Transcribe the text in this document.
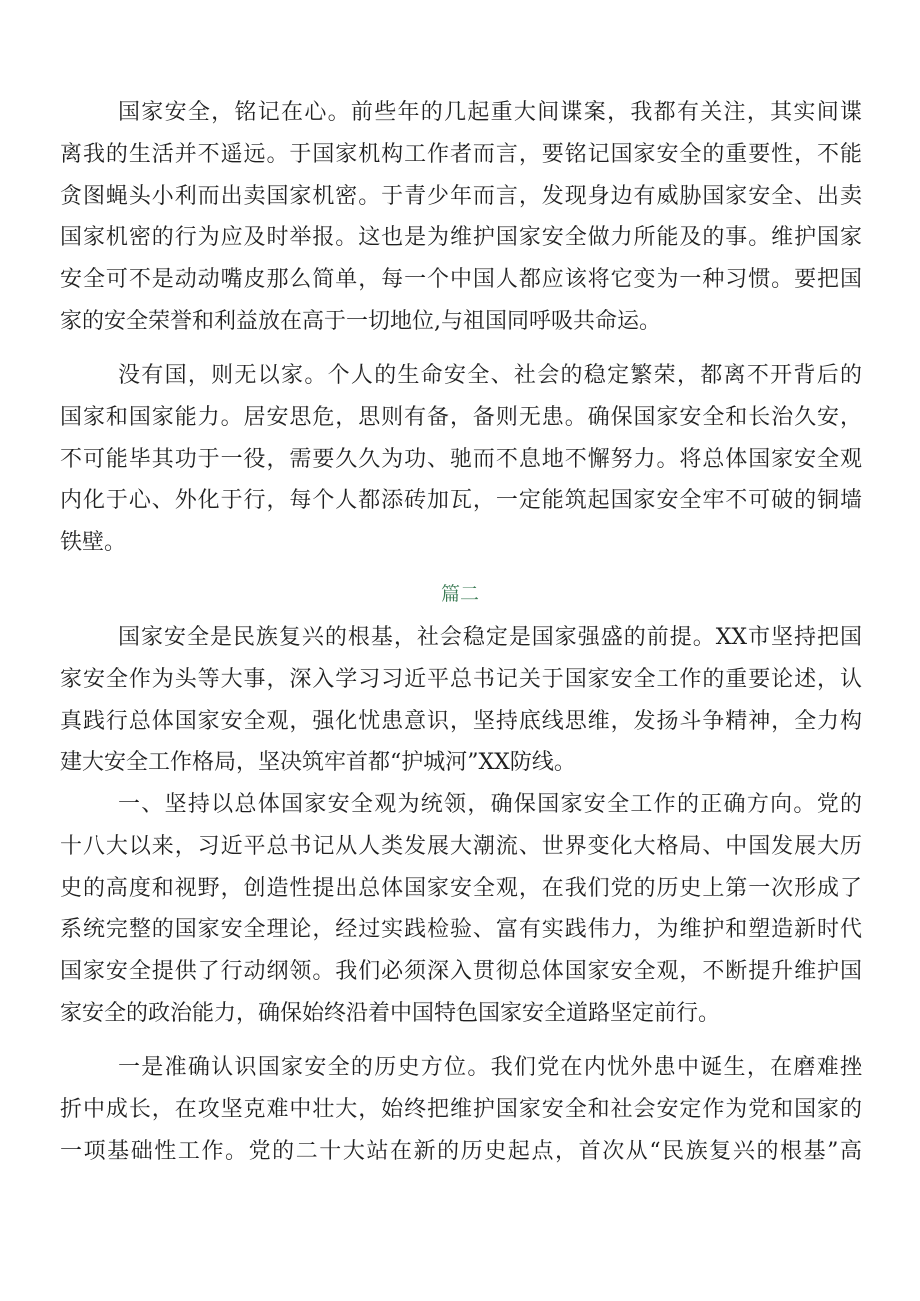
国家安全，铭记在心。前些年的几起重大间谍案，我都有关注，其实间谍
离我的生活并不遥远。于国家机构工作者而言，要铭记国家安全的重要性，不能
贪图蝇头小利而出卖国家机密。于青少年而言，发现身边有威胁国家安全、出卖
国家机密的行为应及时举报。这也是为维护国家安全做力所能及的事。维护国家
安全可不是动动嘴皮那么简单，每一个中国人都应该将它变为一种习惯。要把国
家的安全荣誉和利益放在高于一切地位,与祖国同呼吸共命运。
没有国，则无以家。个人的生命安全、社会的稳定繁荣，都离不开背后的
国家和国家能力。居安思危，思则有备，备则无患。确保国家安全和长治久安，
不可能毕其功于一役，需要久久为功、驰而不息地不懈努力。将总体国家安全观
内化于心、外化于行，每个人都添砖加瓦，一定能筑起国家安全牢不可破的铜墙
铁壁。
篇二
国家安全是民族复兴的根基，社会稳定是国家强盛的前提。XX市坚持把国
家安全作为头等大事，深入学习习近平总书记关于国家安全工作的重要论述，认
真践行总体国家安全观，强化忧患意识，坚持底线思维，发扬斗争精神，全力构
建大安全工作格局，坚决筑牢首都“护城河”XX防线。
一、坚持以总体国家安全观为统领，确保国家安全工作的正确方向。党的
十八大以来，习近平总书记从人类发展大潮流、世界变化大格局、中国发展大历
史的高度和视野，创造性提出总体国家安全观，在我们党的历史上第一次形成了
系统完整的国家安全理论，经过实践检验、富有实践伟力，为维护和塑造新时代
国家安全提供了行动纲领。我们必须深入贯彻总体国家安全观，不断提升维护国
家安全的政治能力，确保始终沿着中国特色国家安全道路坚定前行。
一是准确认识国家安全的历史方位。我们党在内忧外患中诞生，在磨难挫
折中成长，在攻坚克难中壮大，始终把维护国家安全和社会安定作为党和国家的
一项基础性工作。党的二十大站在新的历史起点，首次从“民族复兴的根基”高
